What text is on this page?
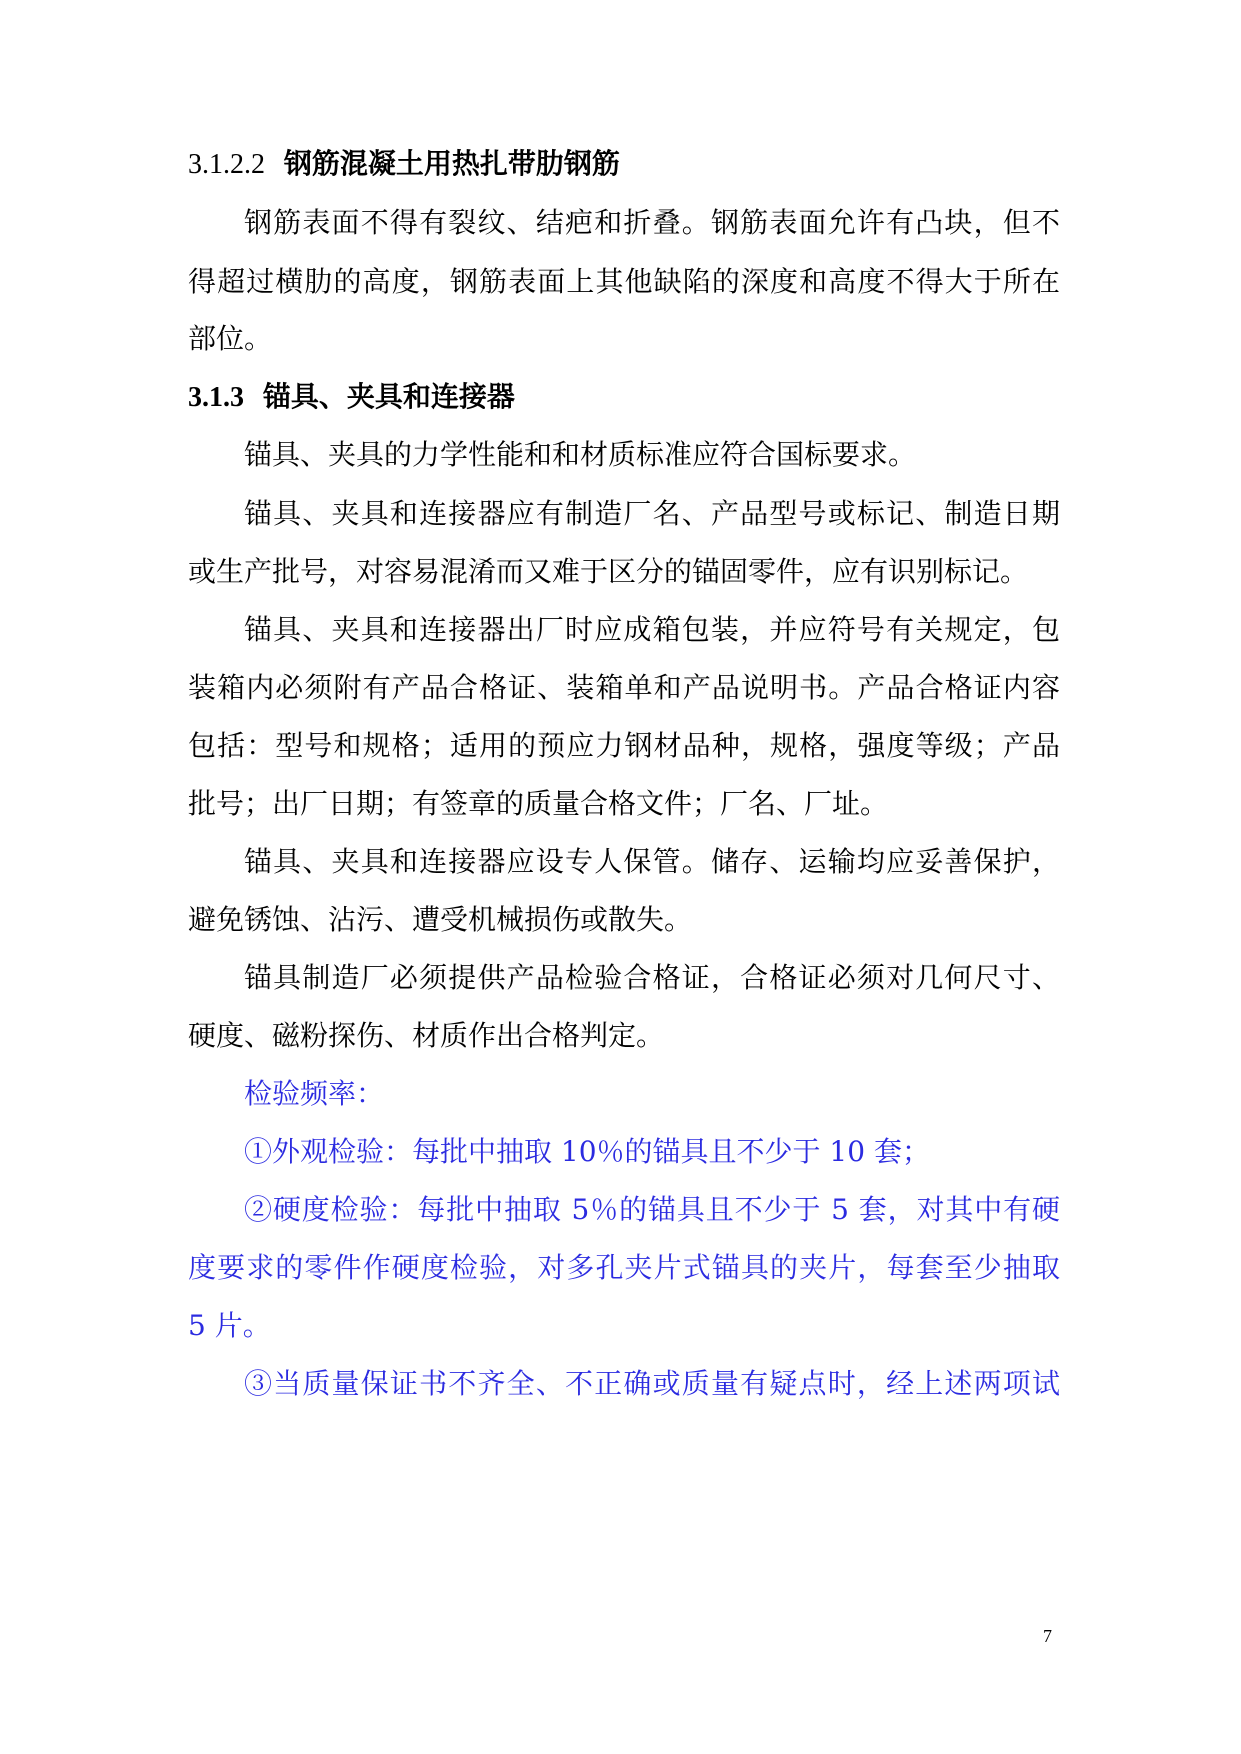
3.1.2.2 钢筋混凝土用热扎带肋钢筋
钢筋表面不得有裂纹、结疤和折叠。钢筋表面允许有凸块，但不
得超过横肋的高度，钢筋表面上其他缺陷的深度和高度不得大于所在
部位。
3.1.3 锚具、夹具和连接器
锚具、夹具的力学性能和和材质标准应符合国标要求。
锚具、夹具和连接器应有制造厂名、产品型号或标记、制造日期
或生产批号，对容易混淆而又难于区分的锚固零件，应有识别标记。
锚具、夹具和连接器出厂时应成箱包装，并应符号有关规定，包
装箱内必须附有产品合格证、装箱单和产品说明书。产品合格证内容
包括：型号和规格；适用的预应力钢材品种，规格，强度等级；产品
批号；出厂日期；有签章的质量合格文件；厂名、厂址。
锚具、夹具和连接器应设专人保管。储存、运输均应妥善保护，
避免锈蚀、沾污、遭受机械损伤或散失。
锚具制造厂必须提供产品检验合格证，合格证必须对几何尺寸、
硬度、磁粉探伤、材质作出合格判定。
检验频率：
①外观检验：每批中抽取 10％的锚具且不少于 10 套；
②硬度检验：每批中抽取 5％的锚具且不少于 5 套，对其中有硬
度要求的零件作硬度检验，对多孔夹片式锚具的夹片，每套至少抽取
5 片。
③当质量保证书不齐全、不正确或质量有疑点时，经上述两项试
7
